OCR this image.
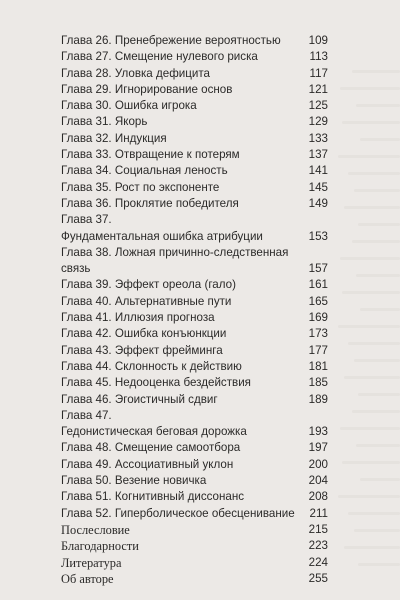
Глава 26. Пренебрежение вероятностью 109
Глава 27. Смещение нулевого риска	113
Глава 28. Уловка дефицита	117
Глава 29. Игнорирование основ	121
Глава 30. Ошибка игрока	125
Глава 31. Якорь	129
Глава 32. Индукция	133
Глава 33. Отвращение к потерям	137
Глава 34. Социальная леность	141
Глава 35. Рост по экспоненте	145
Глава 36. Проклятие победителя	149
Глава 37. Фундаментальная ошибка атрибуции	153
Глава 38. Ложная причинно-следственная связь	157
Глава 39. Эффект ореола (гало)	161
Глава 40. Альтернативные пути	165
Глава 41. Иллюзия прогноза	169
Глава 42. Ошибка конъюнкции	173
Глава 43. Эффект фрейминга	177
Глава 44. Склонность к действию	181
Глава 45. Недооценка бездействия	185
Глава 46. Эгоистичный сдвиг	189
Глава 47. Гедонистическая беговая дорожка	193
Глава 48. Смещение самоотбора	197
Глава 49. Ассоциативный уклон	200
Глава 50. Везение новичка	204
Глава 51. Когнитивный диссонанс	208
Глава 52. Гиперболическое обесценивание 211
Послесловие	215
Благодарности	223
Литература	224
Об авторе	255
